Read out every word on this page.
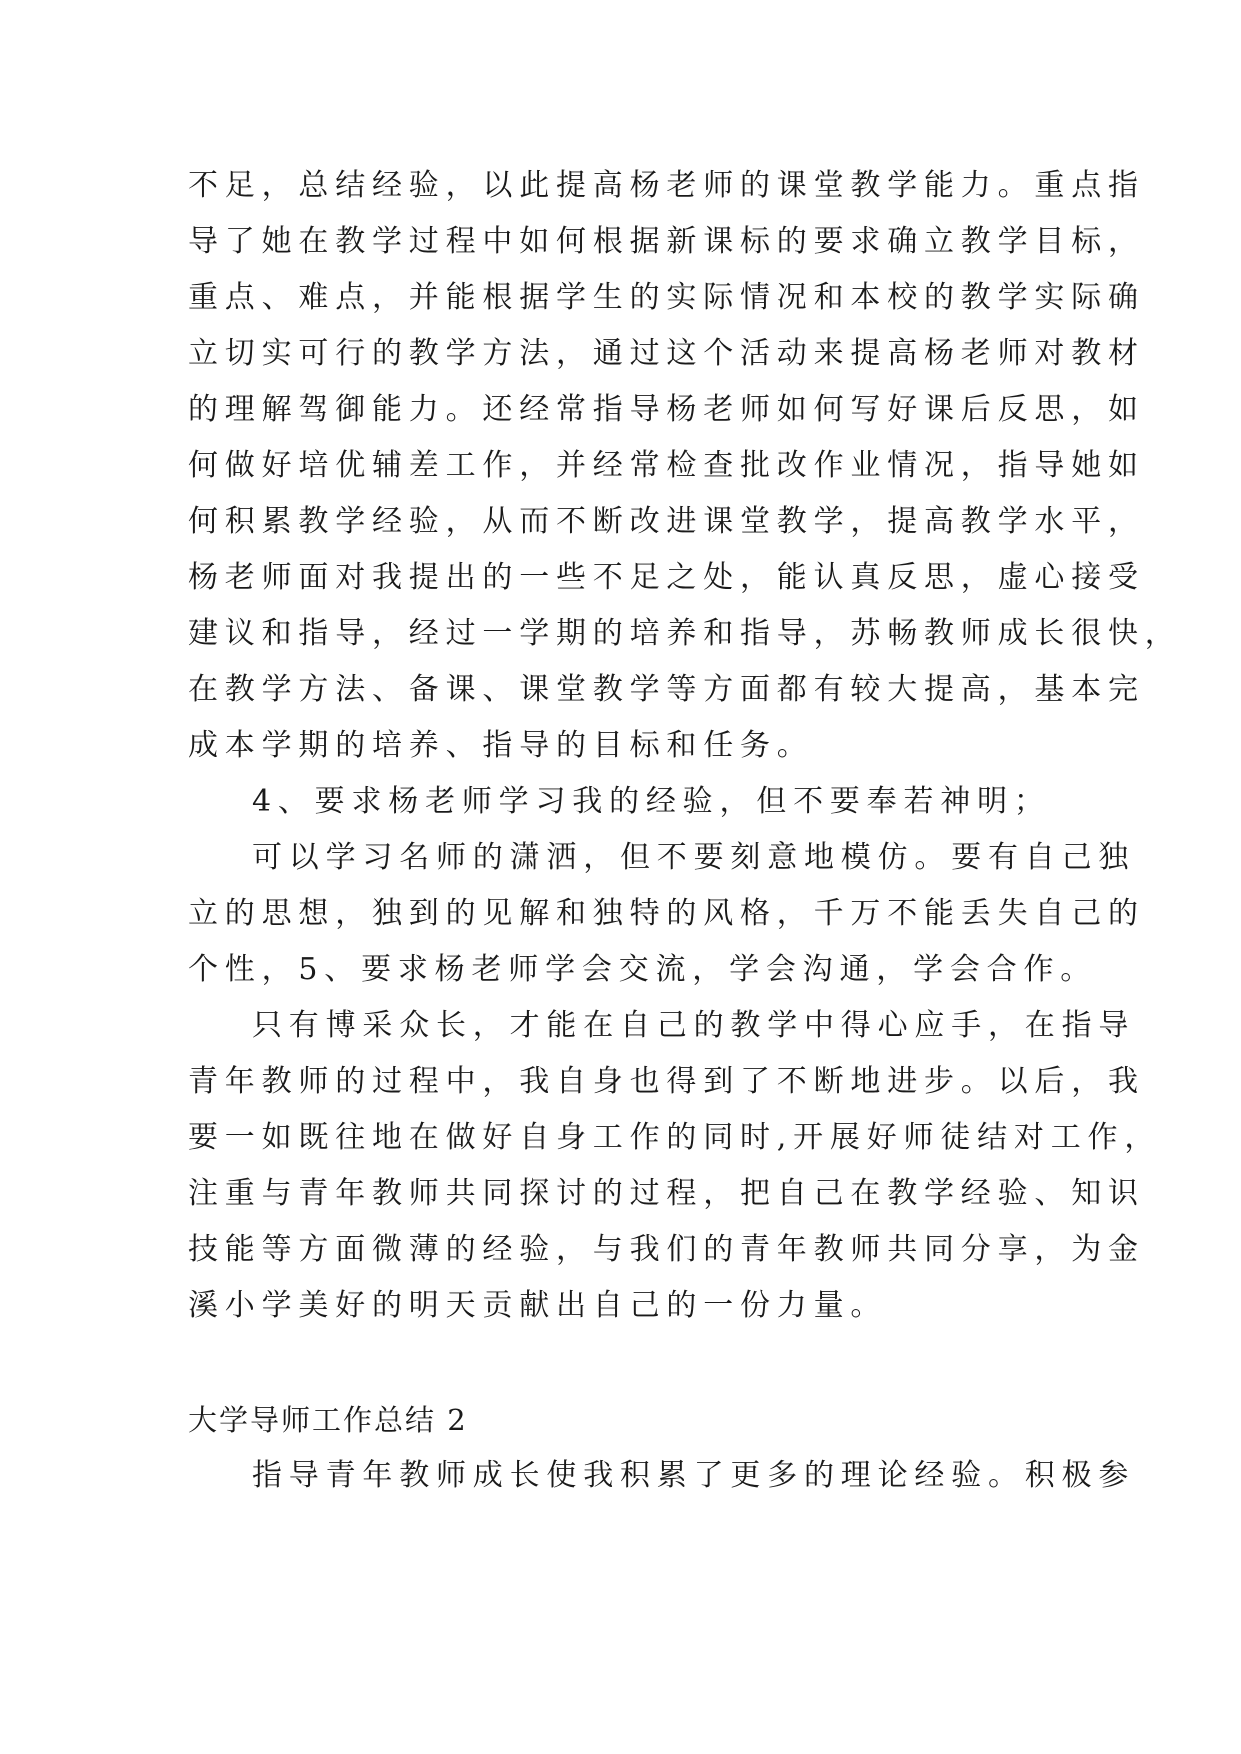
不足，总结经验，以此提高杨老师的课堂教学能力。重点指
导了她在教学过程中如何根据新课标的要求确立教学目标，
重点、难点，并能根据学生的实际情况和本校的教学实际确
立切实可行的教学方法，通过这个活动来提高杨老师对教材
的理解驾御能力。还经常指导杨老师如何写好课后反思，如
何做好培优辅差工作，并经常检查批改作业情况，指导她如
何积累教学经验，从而不断改进课堂教学，提高教学水平，
杨老师面对我提出的一些不足之处，能认真反思，虚心接受
建议和指导，经过一学期的培养和指导，苏畅教师成长很快，
在教学方法、备课、课堂教学等方面都有较大提高，基本完
成本学期的培养、指导的目标和任务。
4、要求杨老师学习我的经验，但不要奉若神明；
可以学习名师的潇洒，但不要刻意地模仿。要有自己独
立的思想，独到的见解和独特的风格，千万不能丢失自己的
个性，5、要求杨老师学会交流，学会沟通，学会合作。
只有博采众长，才能在自己的教学中得心应手，在指导
青年教师的过程中，我自身也得到了不断地进步。以后，我
要一如既往地在做好自身工作的同时,开展好师徒结对工作，
注重与青年教师共同探讨的过程，把自己在教学经验、知识
技能等方面微薄的经验，与我们的青年教师共同分享，为金
溪小学美好的明天贡献出自己的一份力量。
大学导师工作总结 2
指导青年教师成长使我积累了更多的理论经验。积极参
